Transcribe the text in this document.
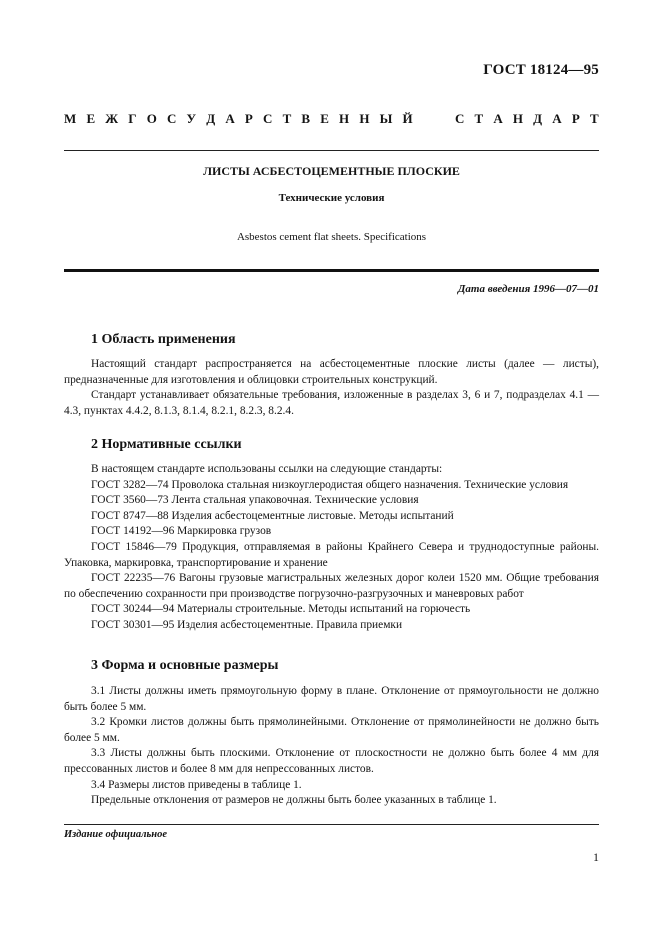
ГОСТ 18124—95
М Е Ж Г О С У Д А Р С Т В Е Н Н Ы Й	С Т А Н Д А Р Т
ЛИСТЫ АСБЕСТОЦЕМЕНТНЫЕ ПЛОСКИЕ
Технические условия
Asbestos cement flat sheets. Specifications
Дата введения 1996—07—01
1 Область применения

Настоящий стандарт распространяется на асбестоцементные плоские листы (далее — листы), предназначенные для изготовления и облицовки строительных конструкций.

Стандарт устанавливает обязательные требования, изложенные в разделах 3, 6 и 7, подразделах 4.1 — 4.3, пунктах 4.4.2, 8.1.3, 8.1.4, 8.2.1, 8.2.3, 8.2.4.

2 Нормативные ссылки

В настоящем стандарте использованы ссылки на следующие стандарты:

ГОСТ 3282—74 Проволока стальная низкоуглеродистая общего назначения. Технические условия

ГОСТ 3560—73 Лента стальная упаковочная. Технические условия

ГОСТ 8747—88 Изделия асбестоцементные листовые. Методы испытаний

ГОСТ 14192—96 Маркировка грузов

ГОСТ 15846—79 Продукция, отправляемая в районы Крайнего Севера и труднодоступные районы. Упаковка, маркировка, транспортирование и хранение

ГОСТ 22235—76 Вагоны грузовые магистральных железных дорог колеи 1520 мм. Общие требования по обеспечению сохранности при производстве погрузочно-разгрузочных и маневровых работ

ГОСТ 30244—94 Материалы строительные. Методы испытаний на горючесть

ГОСТ 30301—95 Изделия асбестоцементные. Правила приемки

3 Форма и основные размеры

3.1 Листы должны иметь прямоугольную форму в плане. Отклонение от прямоугольности не должно быть более 5 мм.

3.2 Кромки листов должны быть прямолинейными. Отклонение от прямолинейности не должно быть более 5 мм.

3.3 Листы должны быть плоскими. Отклонение от плоскостности не должно быть более 4 мм для прессованных листов и более 8 мм для непрессованных листов.

3.4 Размеры листов приведены в таблице 1.

Предельные отклонения от размеров не должны быть более указанных в таблице 1.

Издание официальное
1
